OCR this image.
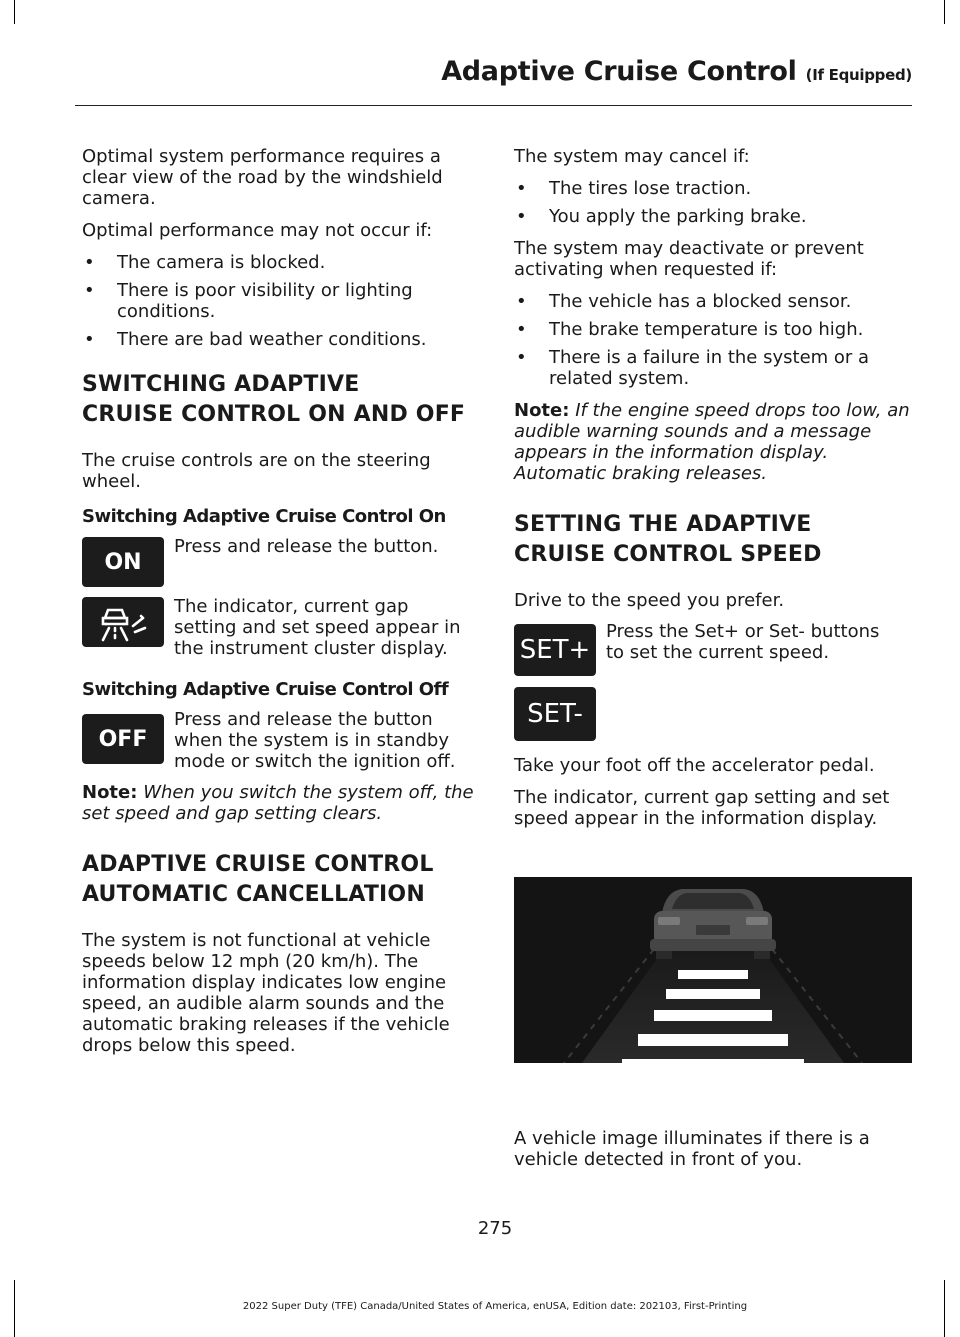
Adaptive Cruise Control (If Equipped)

Optimal system performance requires a clear view of the road by the windshield camera.

Optimal performance may not occur if:

• The camera is blocked.
• There is poor visibility or lighting conditions.
• There are bad weather conditions.
SWITCHING ADAPTIVE
CRUISE CONTROL ON AND OFF

The cruise controls are on the steering wheel.

Switching Adaptive Cruise Control On
ON
Press and release the button.
The indicator, current gap setting and set speed appear in the instrument cluster display.
Switching Adaptive Cruise Control Off
OFF
Press and release the button when the system is in standby mode or switch the ignition off.

Note: When you switch the system off, the set speed and gap setting clears.

ADAPTIVE CRUISE CONTROL
AUTOMATIC CANCELLATION

The system is not functional at vehicle speeds below 12 mph (20 km/h). The information display indicates low engine speed, an audible alarm sounds and the automatic braking releases if the vehicle drops below this speed.

The system may cancel if:

• The tires lose traction.
• You apply the parking brake.

The system may deactivate or prevent activating when requested if:

• The vehicle has a blocked sensor.
• The brake temperature is too high.
• There is a failure in the system or a related system.

Note: If the engine speed drops too low, an audible warning sounds and a message appears in the information display. Automatic braking releases.

SETTING THE ADAPTIVE
CRUISE CONTROL SPEED

Drive to the speed you prefer.

SET+
SET-
Press the Set+ or Set- buttons to set the current speed.

Take your foot off the accelerator pedal.

The indicator, current gap setting and set speed appear in the information display.

A vehicle image illuminates if there is a vehicle detected in front of you.

275
2022 Super Duty (TFE) Canada/United States of America, enUSA, Edition date: 202103, First-Printing
